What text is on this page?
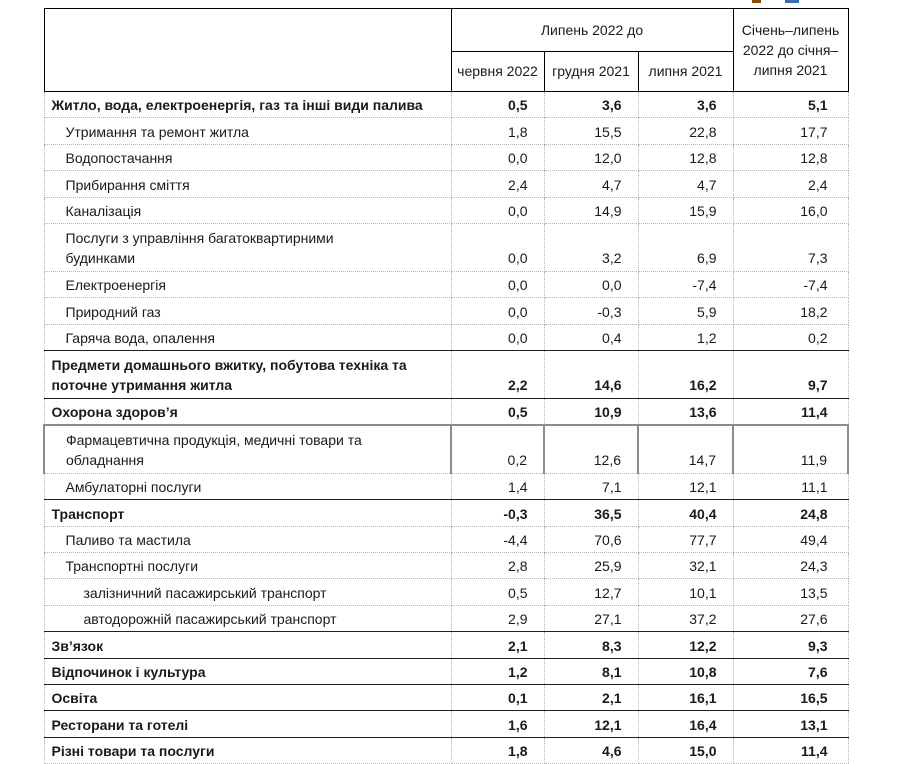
	Липень 2022 до			Січень–липень 2022 до січня–липня 2021
	червня 2022	грудня 2021	липня 2021	
Житло, вода, електроенергія, газ та інші види палива	0,5	3,6	3,6	5,1
Утримання та ремонт житла	1,8	15,5	22,8	17,7
Водопостачання	0,0	12,0	12,8	12,8
Прибирання сміття	2,4	4,7	4,7	2,4
Каналізація	0,0	14,9	15,9	16,0
Послуги з управління багатоквартирними будинками	0,0	3,2	6,9	7,3
Електроенергія	0,0	0,0	-7,4	-7,4
Природний газ	0,0	-0,3	5,9	18,2
Гаряча вода, опалення	0,0	0,4	1,2	0,2
Предмети домашнього вжитку, побутова техніка та поточне утримання житла	2,2	14,6	16,2	9,7
Охорона здоров’я	0,5	10,9	13,6	11,4
Фармацевтична продукція, медичні товари та обладнання	0,2	12,6	14,7	11,9
Амбулаторні послуги	1,4	7,1	12,1	11,1
Транспорт	-0,3	36,5	40,4	24,8
Паливо та мастила	-4,4	70,6	77,7	49,4
Транспортні послуги	2,8	25,9	32,1	24,3
залізничний пасажирський транспорт	0,5	12,7	10,1	13,5
автодорожній пасажирський транспорт	2,9	27,1	37,2	27,6
Зв’язок	2,1	8,3	12,2	9,3
Відпочинок і культура	1,2	8,1	10,8	7,6
Освіта	0,1	2,1	16,1	16,5
Ресторани та готелі	1,6	12,1	16,4	13,1
Різні товари та послуги	1,8	4,6	15,0	11,4
